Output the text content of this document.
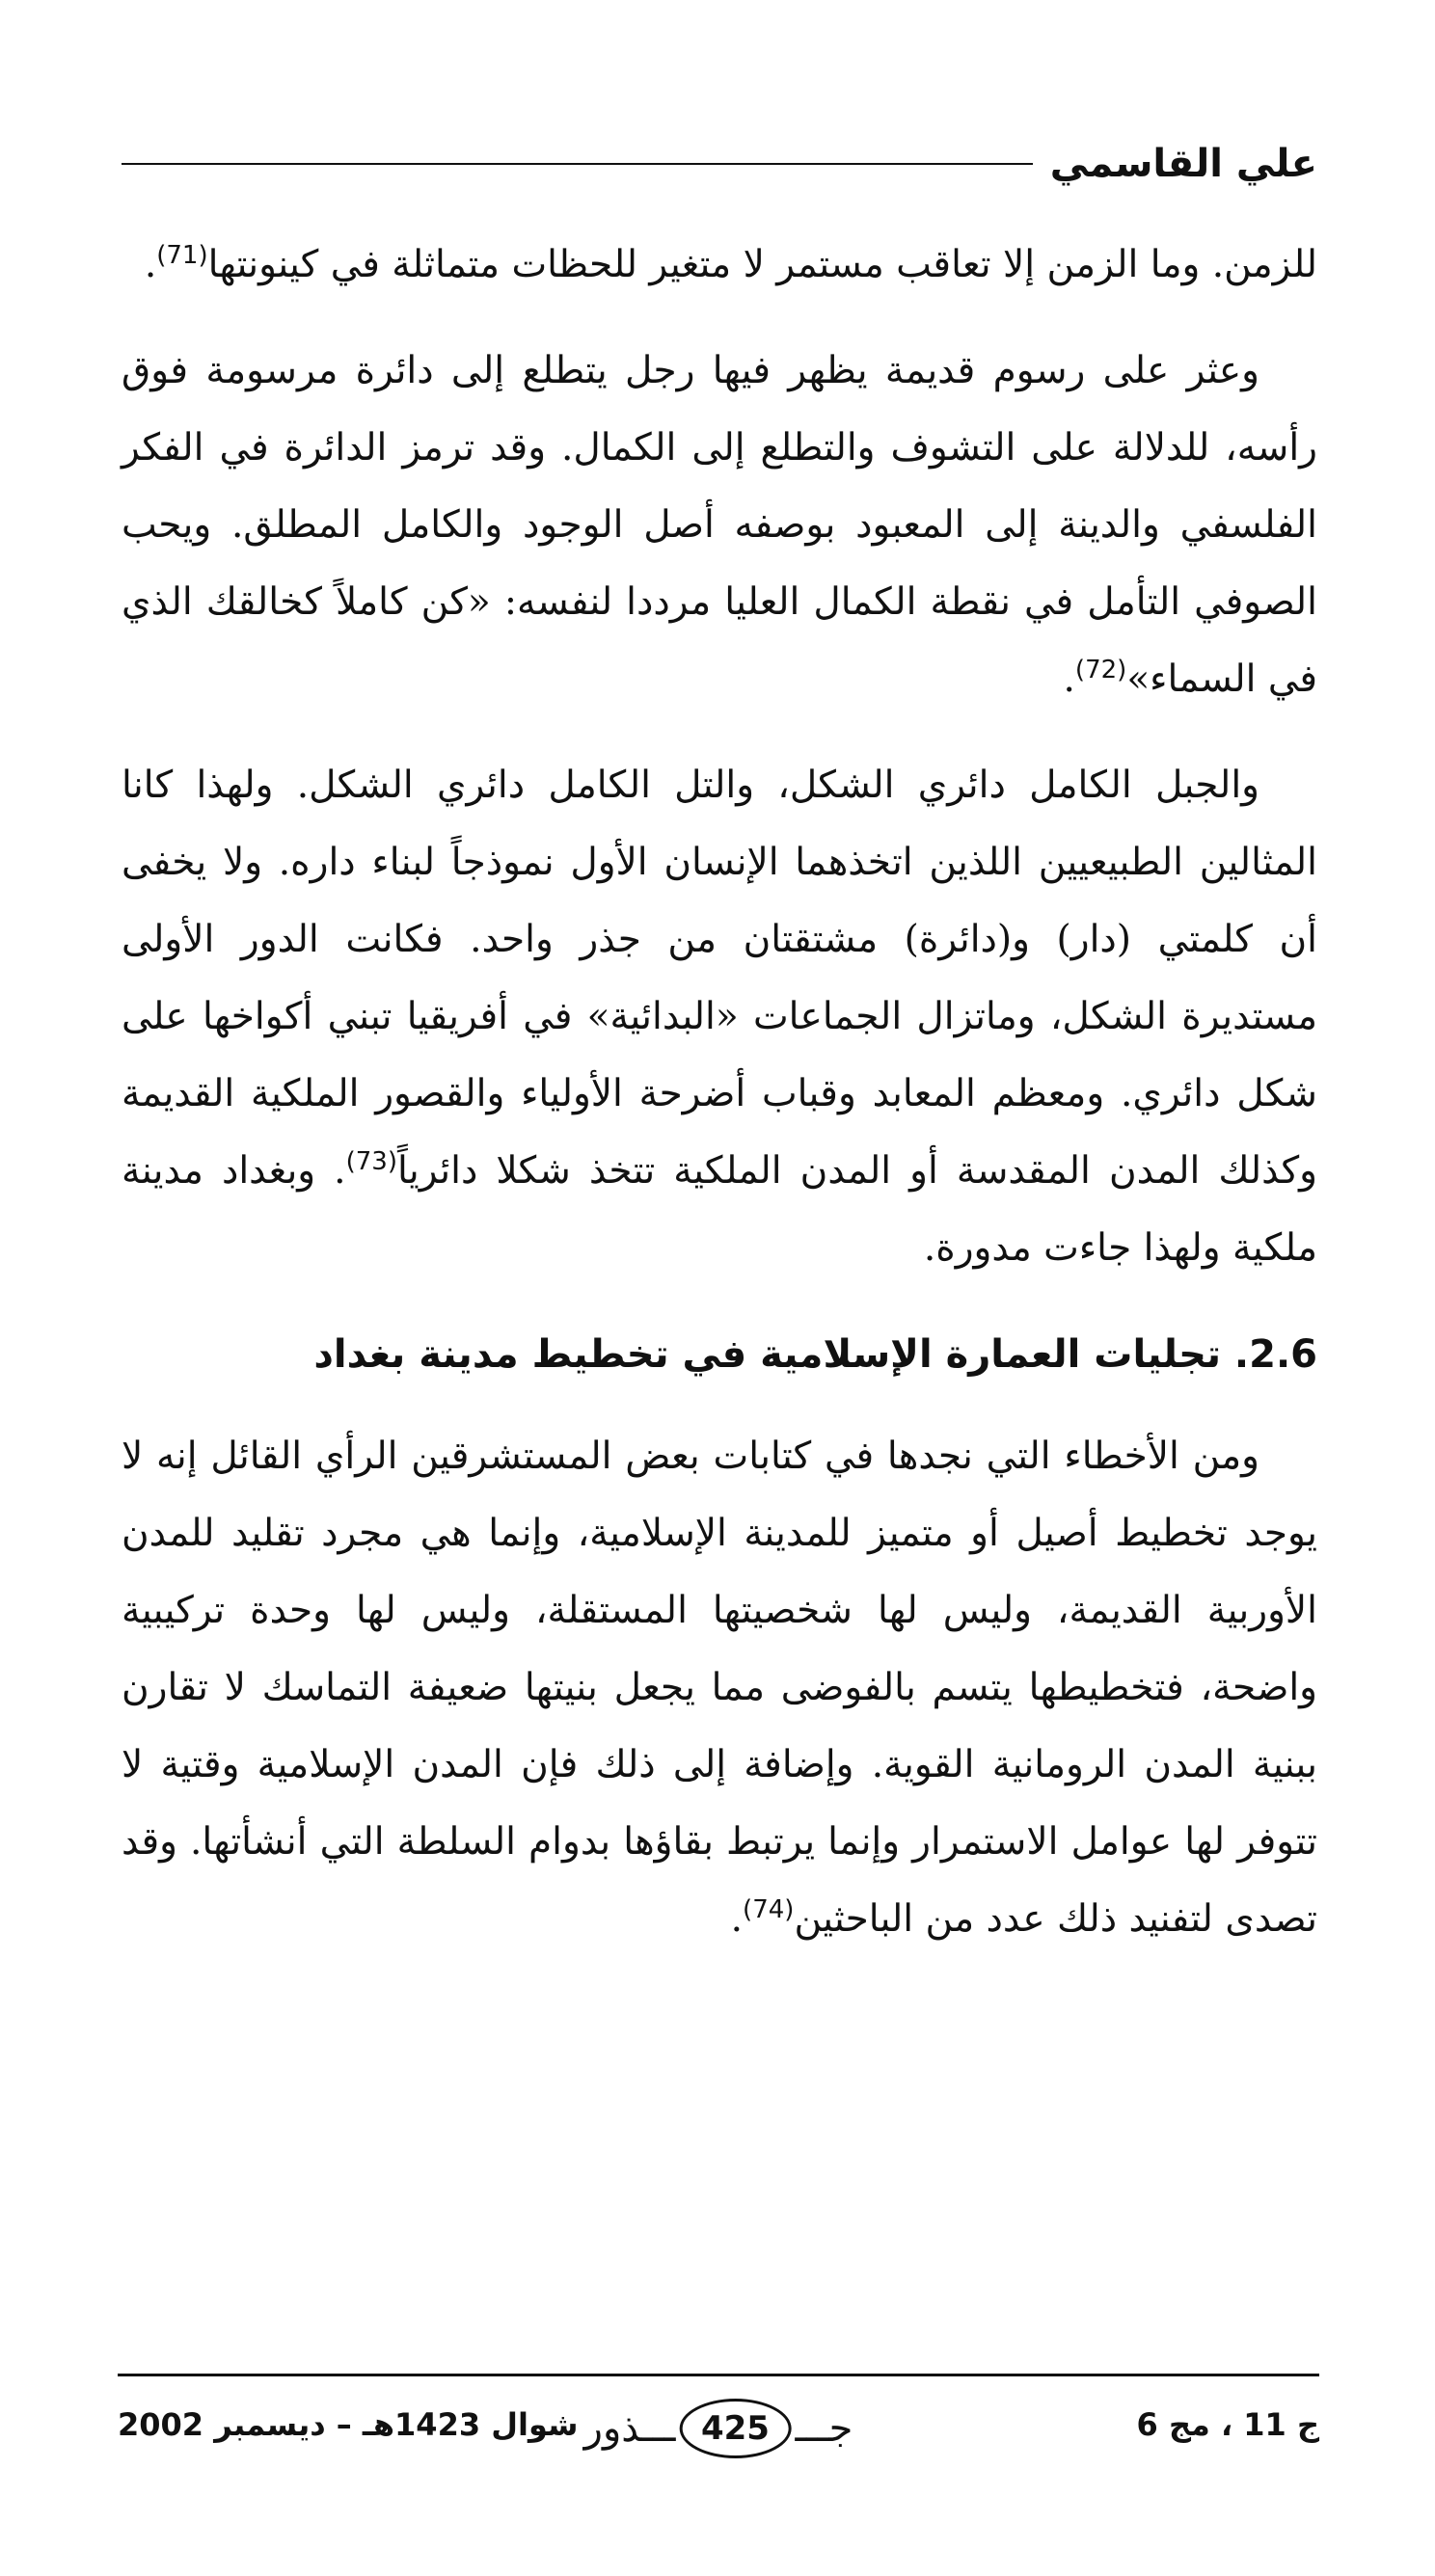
علي القاسمي

للزمن. وما الزمن إلا تعاقب مستمر لا متغير للحظات متماثلة في كينونتها$^{(71)}$.

وعثر على رسوم قديمة يظهر فيها رجل يتطلع إلى دائرة مرسومة فوق رأسه، للدلالة على التشوف والتطلع إلى الكمال. وقد ترمز الدائرة في الفكر الفلسفي والدينة إلى المعبود بوصفه أصل الوجود والكامل المطلق. ويحب الصوفي التأمل في نقطة الكمال العليا مرددا لنفسه: «كن كاملاً كخالقك الذي في السماء»$^{(72)}$.

والجبل الكامل دائري الشكل، والتل الكامل دائري الشكل. ولهذا كانا المثالين الطبيعيين اللذين اتخذهما الإنسان الأول نموذجاً لبناء داره. ولا يخفى أن كلمتي (دار) و(دائرة) مشتقتان من جذر واحد. فكانت الدور الأولى مستديرة الشكل، وماتزال الجماعات «البدائية» في أفريقيا تبني أكواخها على شكل دائري. ومعظم المعابد وقباب أضرحة الأولياء والقصور الملكية القديمة وكذلك المدن المقدسة أو المدن الملكية تتخذ شكلا دائرياً$^{(73)}$. وبغداد مدينة ملكية ولهذا جاءت مدورة.

2.6. تجليات العمارة الإسلامية في تخطيط مدينة بغداد

ومن الأخطاء التي نجدها في كتابات بعض المستشرقين الرأي القائل إنه لا يوجد تخطيط أصيل أو متميز للمدينة الإسلامية، وإنما هي مجرد تقليد للمدن الأوربية القديمة، وليس لها شخصيتها المستقلة، وليس لها وحدة تركيبية واضحة، فتخطيطها يتسم بالفوضى مما يجعل بنيتها ضعيفة التماسك لا تقارن ببنية المدن الرومانية القوية. وإضافة إلى ذلك فإن المدن الإسلامية وقتية لا تتوفر لها عوامل الاستمرار وإنما يرتبط بقاؤها بدوام السلطة التي أنشأتها. وقد تصدى لتفنيد ذلك عدد من الباحثين$^{(74)}$.

ج 11 ، مج 6
جـــ
425
ـــذور
شوال 1423هـ – ديسمبر 2002
